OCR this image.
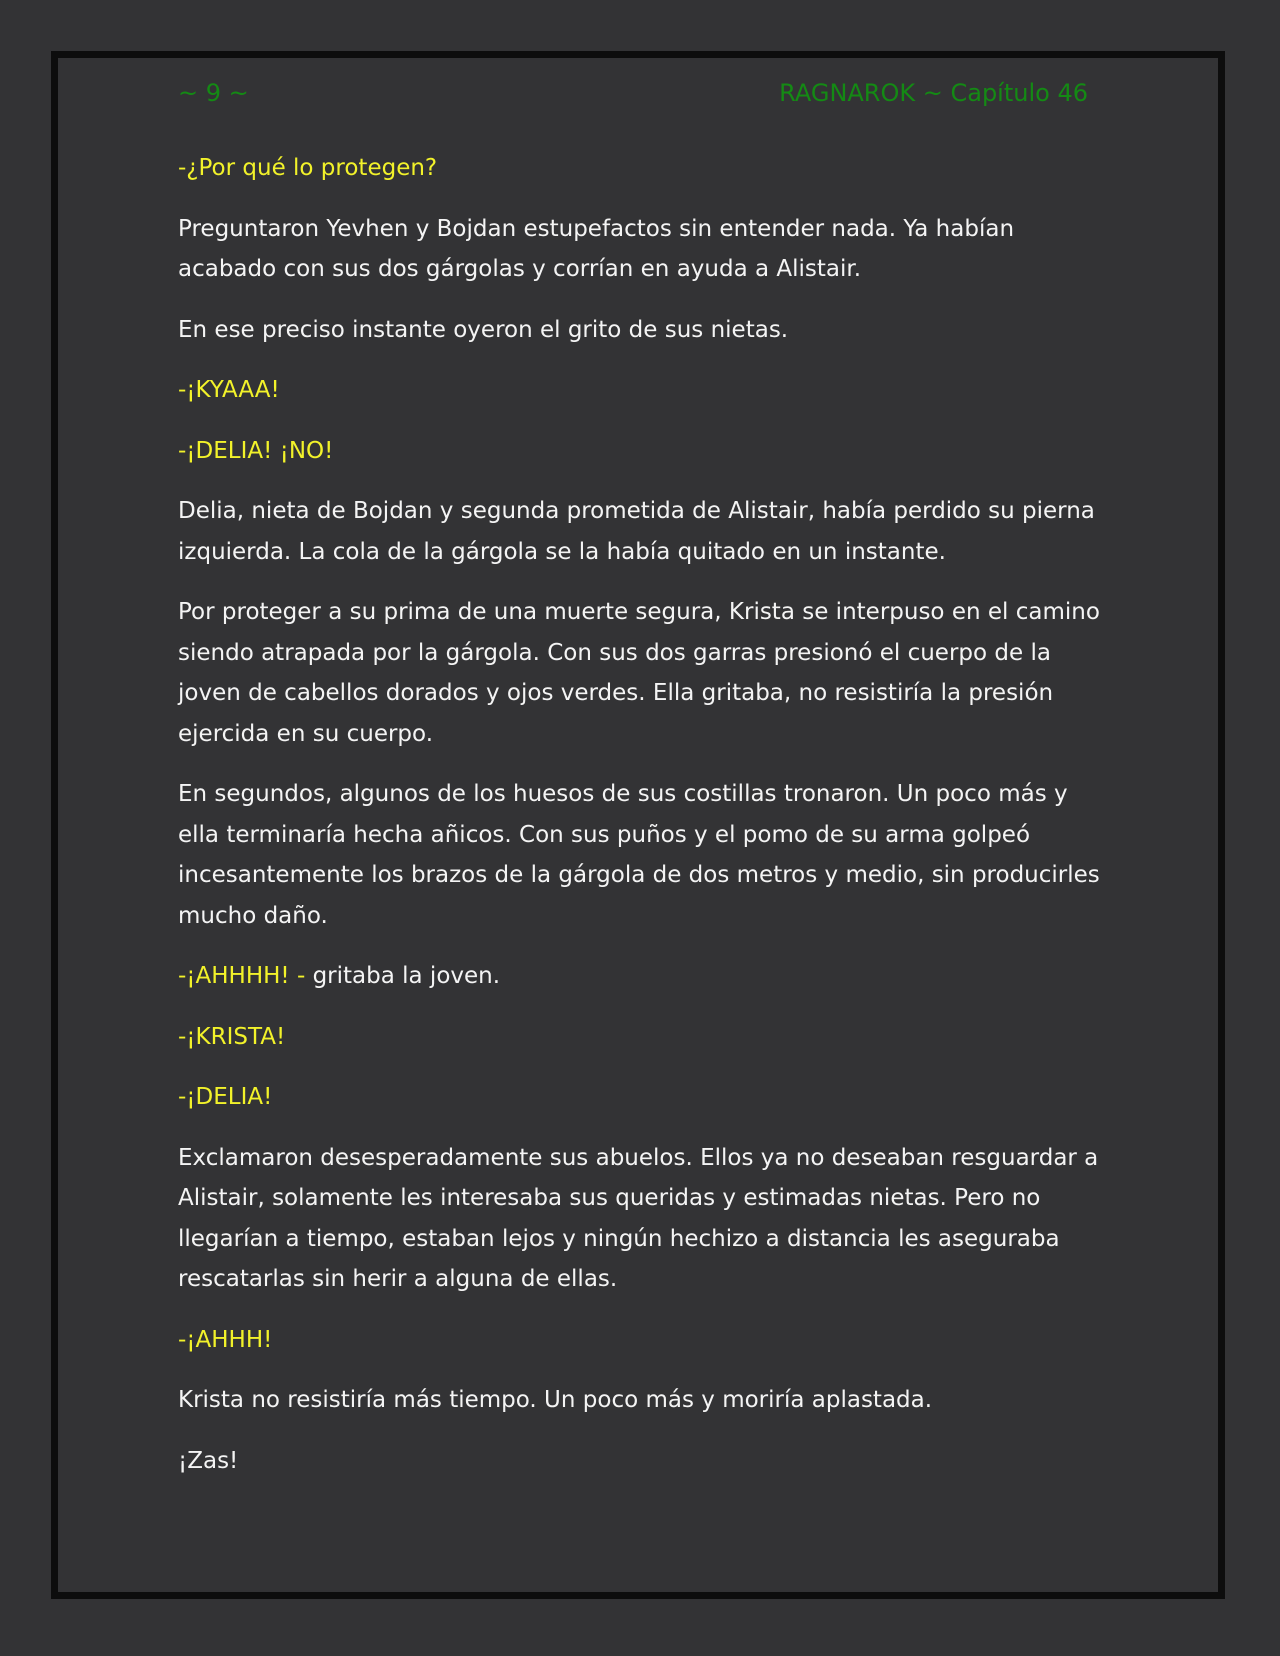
~ 9 ~	RAGNAROK ~ Capítulo 46

-¿Por qué lo protegen?

Preguntaron Yevhen y Bojdan estupefactos sin entender nada. Ya habían acabado con sus dos gárgolas y corrían en ayuda a Alistair.

En ese preciso instante oyeron el grito de sus nietas.

-¡KYAAA!

-¡DELIA! ¡NO!

Delia, nieta de Bojdan y segunda prometida de Alistair, había perdido su pierna izquierda. La cola de la gárgola se la había quitado en un instante.

Por proteger a su prima de una muerte segura, Krista se interpuso en el camino siendo atrapada por la gárgola. Con sus dos garras presionó el cuerpo de la joven de cabellos dorados y ojos verdes. Ella gritaba, no resistiría la presión ejercida en su cuerpo.

En segundos, algunos de los huesos de sus costillas tronaron. Un poco más y ella terminaría hecha añicos. Con sus puños y el pomo de su arma golpeó incesantemente los brazos de la gárgola de dos metros y medio, sin producirles mucho daño.

-¡AHHHH! - gritaba la joven.

-¡KRISTA!

-¡DELIA!

Exclamaron desesperadamente sus abuelos. Ellos ya no deseaban resguardar a Alistair, solamente les interesaba sus queridas y estimadas nietas. Pero no llegarían a tiempo, estaban lejos y ningún hechizo a distancia les aseguraba rescatarlas sin herir a alguna de ellas.

-¡AHHH!

Krista no resistiría más tiempo. Un poco más y moriría aplastada.

¡Zas!
